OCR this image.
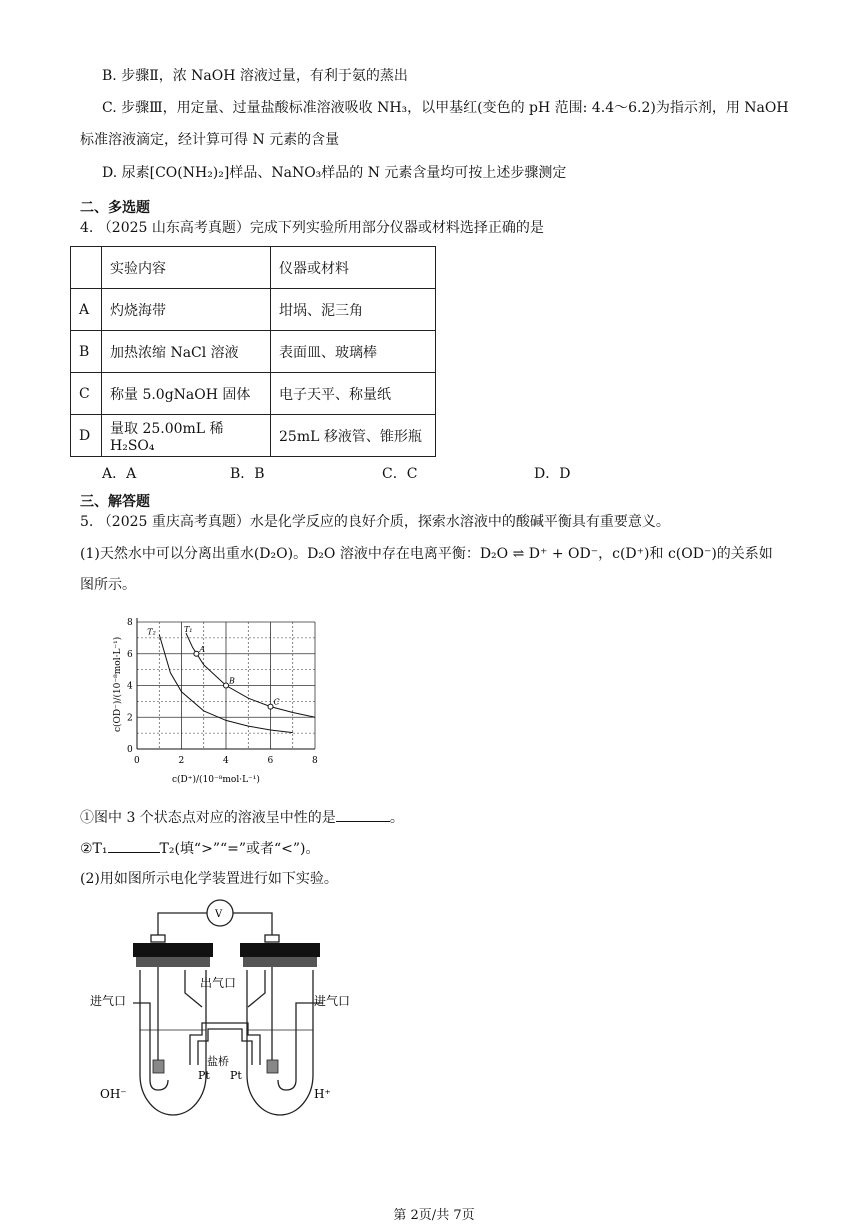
B. 步骤Ⅱ，浓 NaOH 溶液过量，有利于氨的蒸出
C. 步骤Ⅲ，用定量、过量盐酸标准溶液吸收 NH₃，以甲基红(变色的 pH 范围: 4.4～6.2)为指示剂，用 NaOH
标准溶液滴定，经计算可得 N 元素的含量
D. 尿素[CO(NH₂)₂]样品、NaNO₃样品的 N 元素含量均可按上述步骤测定
二、多选题
4. （2025 山东高考真题）完成下列实验所用部分仪器或材料选择正确的是
	实验内容	仪器或材料
A	灼烧海带	坩埚、泥三角
B	加热浓缩 NaCl 溶液	表面皿、玻璃棒
C	称量 5.0gNaOH 固体	电子天平、称量纸
D	量取 25.00mL 稀 H₂SO₄	25mL 移液管、锥形瓶
A．A	B．B	C．C	D．D
三、解答题
5. （2025 重庆高考真题）水是化学反应的良好介质，探索水溶液中的酸碱平衡具有重要意义。
(1)天然水中可以分离出重水(D₂O)。D₂O 溶液中存在电离平衡：D₂O ⇌ D⁺ + OD⁻，c(D⁺)和 c(OD⁻)的关系如
图所示。
A
B
C
c(OD⁻)/(10⁻⁸mol·L⁻¹)
c(D⁺)/(10⁻⁸mol·L⁻¹)
0	2	4	6	8
0
2
4
6
8
T₁
T₂
①图中 3 个状态点对应的溶液呈中性的是	。
②T₁	T₂(填“>”“=”或者“<”)。
(2)用如图所示电化学装置进行如下实验。
V
进气口	进气口
出气口
盐桥
Pt Pt
OH⁻	H⁺
第 2页/共 7页
